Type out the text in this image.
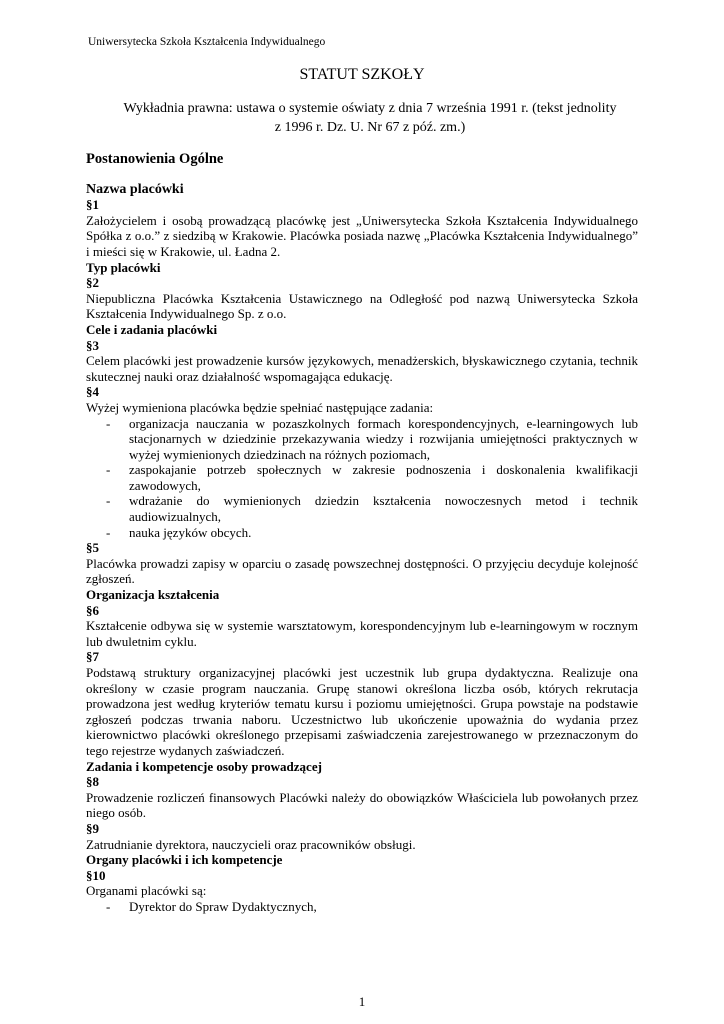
Uniwersytecka Szkoła Kształcenia Indywidualnego
STATUT SZKOŁY
Wykładnia prawna: ustawa o systemie oświaty z dnia 7 września 1991 r. (tekst jednolity
z 1996 r. Dz. U. Nr 67 z póź. zm.)
Postanowienia Ogólne

Nazwa placówki

§1

Założycielem i osobą prowadzącą placówkę jest „Uniwersytecka Szkoła Kształcenia Indywidualnego Spółka z o.o.” z siedzibą w Krakowie. Placówka posiada nazwę „Placówka Kształcenia Indywidualnego” i mieści się w Krakowie, ul. Ładna 2.

Typ placówki

§2

Niepubliczna Placówka Kształcenia Ustawicznego na Odległość pod nazwą Uniwersytecka Szkoła Kształcenia Indywidualnego Sp. z o.o.

Cele i zadania placówki

§3

Celem placówki jest prowadzenie kursów językowych, menadżerskich, błyskawicznego czytania, technik skutecznej nauki oraz działalność wspomagająca edukację.

§4

Wyżej wymieniona placówka będzie spełniać następujące zadania:

- organizacja nauczania w pozaszkolnych formach korespondencyjnych, e-learningowych lub stacjonarnych w dziedzinie przekazywania wiedzy i rozwijania umiejętności praktycznych w wyżej wymienionych dziedzinach na różnych poziomach,
- zaspokajanie potrzeb społecznych w zakresie podnoszenia i doskonalenia kwalifikacji zawodowych,
- wdrażanie do wymienionych dziedzin kształcenia nowoczesnych metod i technik audiowizualnych,
- nauka języków obcych.

§5

Placówka prowadzi zapisy w oparciu o zasadę powszechnej dostępności. O przyjęciu decyduje kolejność zgłoszeń.

Organizacja kształcenia

§6

Kształcenie odbywa się w systemie warsztatowym, korespondencyjnym lub e-learningowym w rocznym lub dwuletnim cyklu.

§7

Podstawą struktury organizacyjnej placówki jest uczestnik lub grupa dydaktyczna. Realizuje ona określony w czasie program nauczania. Grupę stanowi określona liczba osób, których rekrutacja prowadzona jest według kryteriów tematu kursu i poziomu umiejętności. Grupa powstaje na podstawie zgłoszeń podczas trwania naboru. Uczestnictwo lub ukończenie upoważnia do wydania przez kierownictwo placówki określonego przepisami zaświadczenia zarejestrowanego w przeznaczonym do tego rejestrze wydanych zaświadczeń.

Zadania i kompetencje osoby prowadzącej

§8

Prowadzenie rozliczeń finansowych Placówki należy do obowiązków Właściciela lub powołanych przez niego osób.

§9

Zatrudnianie dyrektora, nauczycieli oraz pracowników obsługi.

Organy placówki i ich kompetencje

§10

Organami placówki są:

- Dyrektor do Spraw Dydaktycznych,
1
